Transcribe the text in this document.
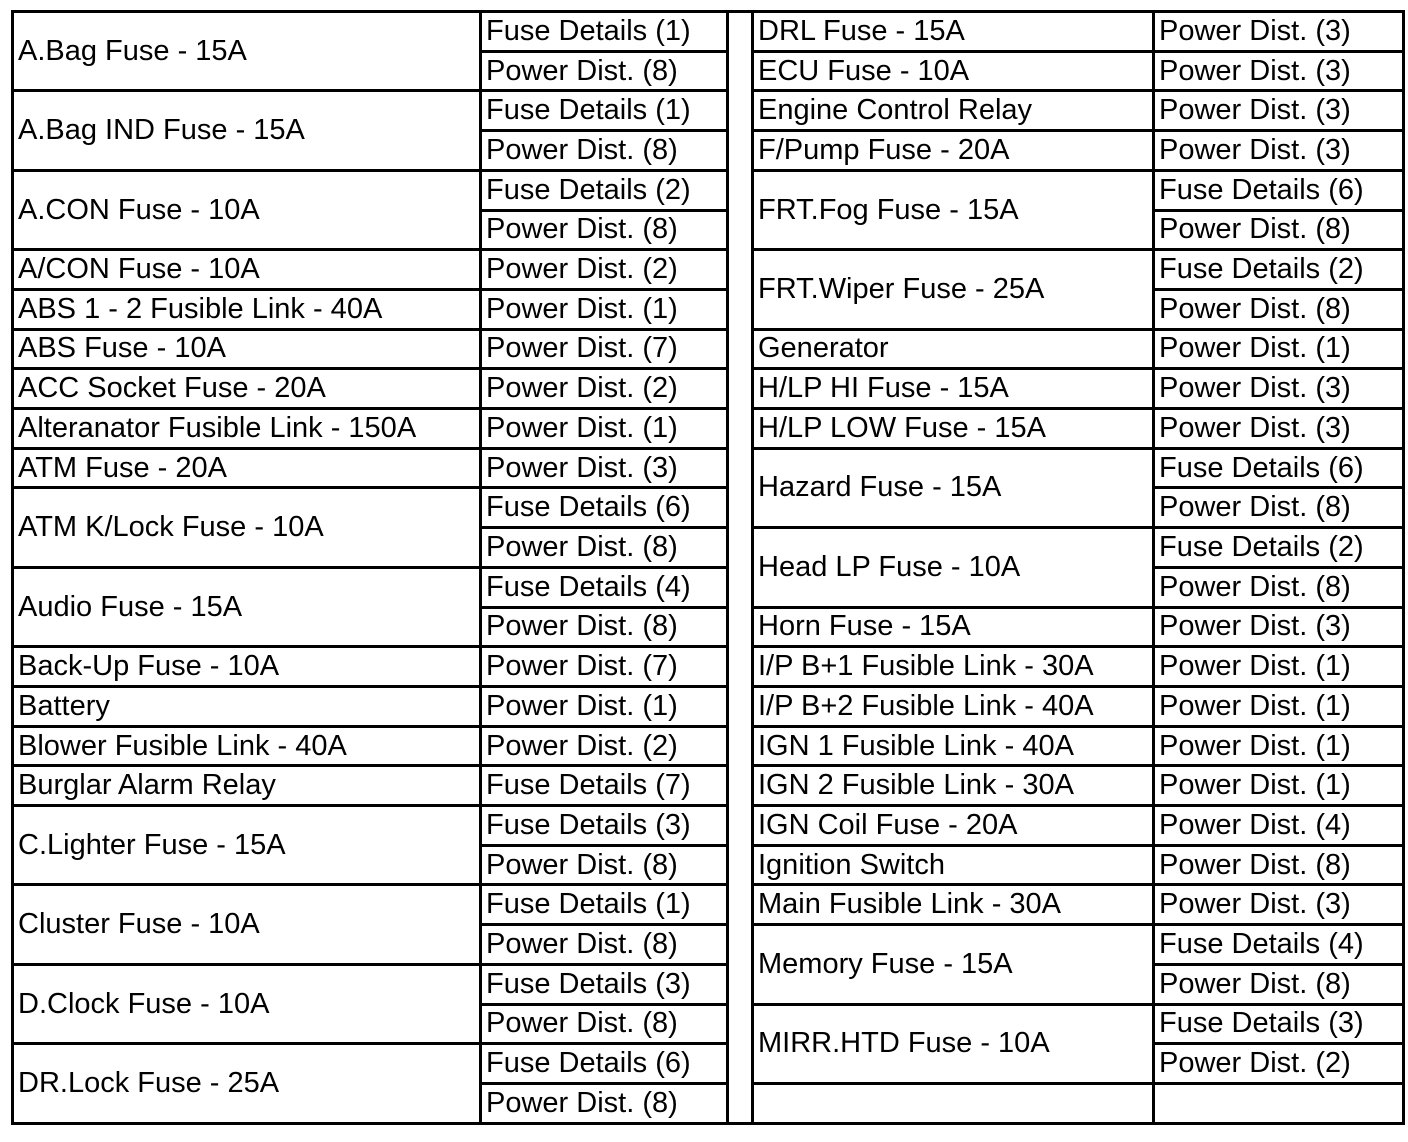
A.Bag Fuse - 15A	Fuse Details (1)		DRL Fuse - 15A	Power Dist. (3)
	Power Dist. (8)		ECU Fuse - 10A	Power Dist. (3)
A.Bag IND Fuse - 15A	Fuse Details (1)		Engine Control Relay	Power Dist. (3)
	Power Dist. (8)		F/Pump Fuse - 20A	Power Dist. (3)
A.CON Fuse - 10A	Fuse Details (2)		FRT.Fog Fuse - 15A	Fuse Details (6)
	Power Dist. (8)			Power Dist. (8)
A/CON Fuse - 10A	Power Dist. (2)		FRT.Wiper Fuse - 25A	Fuse Details (2)
ABS 1 - 2 Fusible Link - 40A	Power Dist. (1)			Power Dist. (8)
ABS Fuse - 10A	Power Dist. (7)		Generator	Power Dist. (1)
ACC Socket Fuse - 20A	Power Dist. (2)		H/LP HI Fuse - 15A	Power Dist. (3)
Alteranator Fusible Link - 150A	Power Dist. (1)		H/LP LOW Fuse - 15A	Power Dist. (3)
ATM Fuse - 20A	Power Dist. (3)		Hazard Fuse - 15A	Fuse Details (6)
ATM K/Lock Fuse - 10A	Fuse Details (6)			Power Dist. (8)
	Power Dist. (8)		Head LP Fuse - 10A	Fuse Details (2)
Audio Fuse - 15A	Fuse Details (4)			Power Dist. (8)
	Power Dist. (8)		Horn Fuse - 15A	Power Dist. (3)
Back-Up Fuse - 10A	Power Dist. (7)		I/P B+1 Fusible Link - 30A	Power Dist. (1)
Battery	Power Dist. (1)		I/P B+2 Fusible Link - 40A	Power Dist. (1)
Blower Fusible Link - 40A	Power Dist. (2)		IGN 1 Fusible Link - 40A	Power Dist. (1)
Burglar Alarm Relay	Fuse Details (7)		IGN 2 Fusible Link - 30A	Power Dist. (1)
C.Lighter Fuse - 15A	Fuse Details (3)		IGN Coil Fuse - 20A	Power Dist. (4)
	Power Dist. (8)		Ignition Switch	Power Dist. (8)
Cluster Fuse - 10A	Fuse Details (1)		Main Fusible Link - 30A	Power Dist. (3)
	Power Dist. (8)		Memory Fuse - 15A	Fuse Details (4)
D.Clock Fuse - 10A	Fuse Details (3)			Power Dist. (8)
	Power Dist. (8)		MIRR.HTD Fuse - 10A	Fuse Details (3)
DR.Lock Fuse - 25A	Fuse Details (6)			Power Dist. (2)
	Power Dist. (8)			
